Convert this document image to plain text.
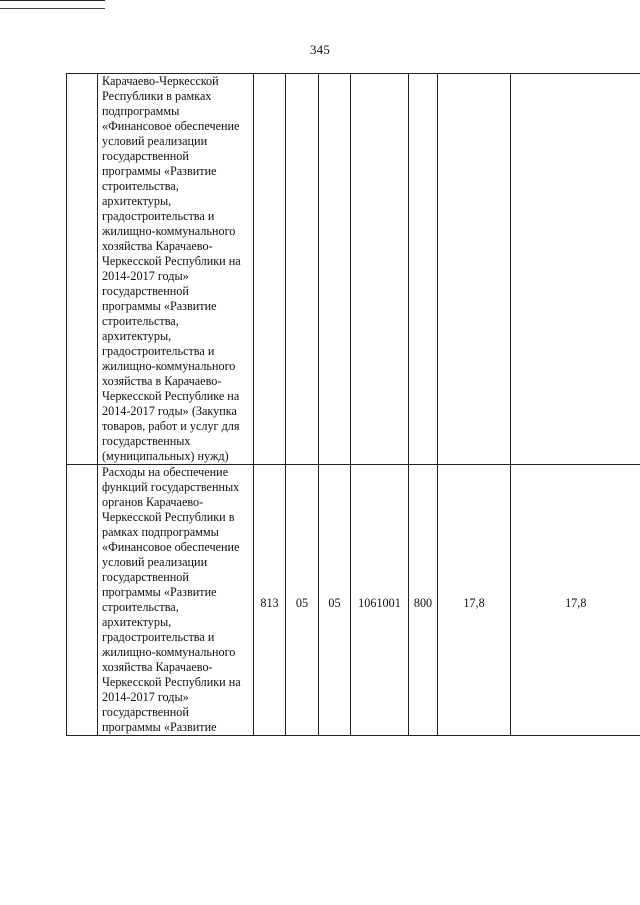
345
	Карачаево-Черкесской Республики в рамках подпрограммы «Финансовое обеспечение условий реализации государственной программы «Развитие строительства, архитектуры, градостроительства и жилищно-коммунального хозяйства Карачаево-Черкесской Республики на 2014-2017 годы» государственной программы «Развитие строительства, архитектуры, градостроительства и жилищно-коммунального хозяйства в Карачаево-Черкесской Республике на 2014-2017 годы» (Закупка товаров, работ и услуг для государственных (муниципальных) нужд)							
	Расходы на обеспечение функций государственных органов Карачаево-Черкесской Республики в рамках подпрограммы «Финансовое обеспечение условий реализации государственной программы «Развитие строительства, архитектуры, градостроительства и жилищно-коммунального хозяйства Карачаево-Черкесской Республики на 2014-2017 годы» государственной программы «Развитие	813	05	05	1061001	800	17,8	17,8
